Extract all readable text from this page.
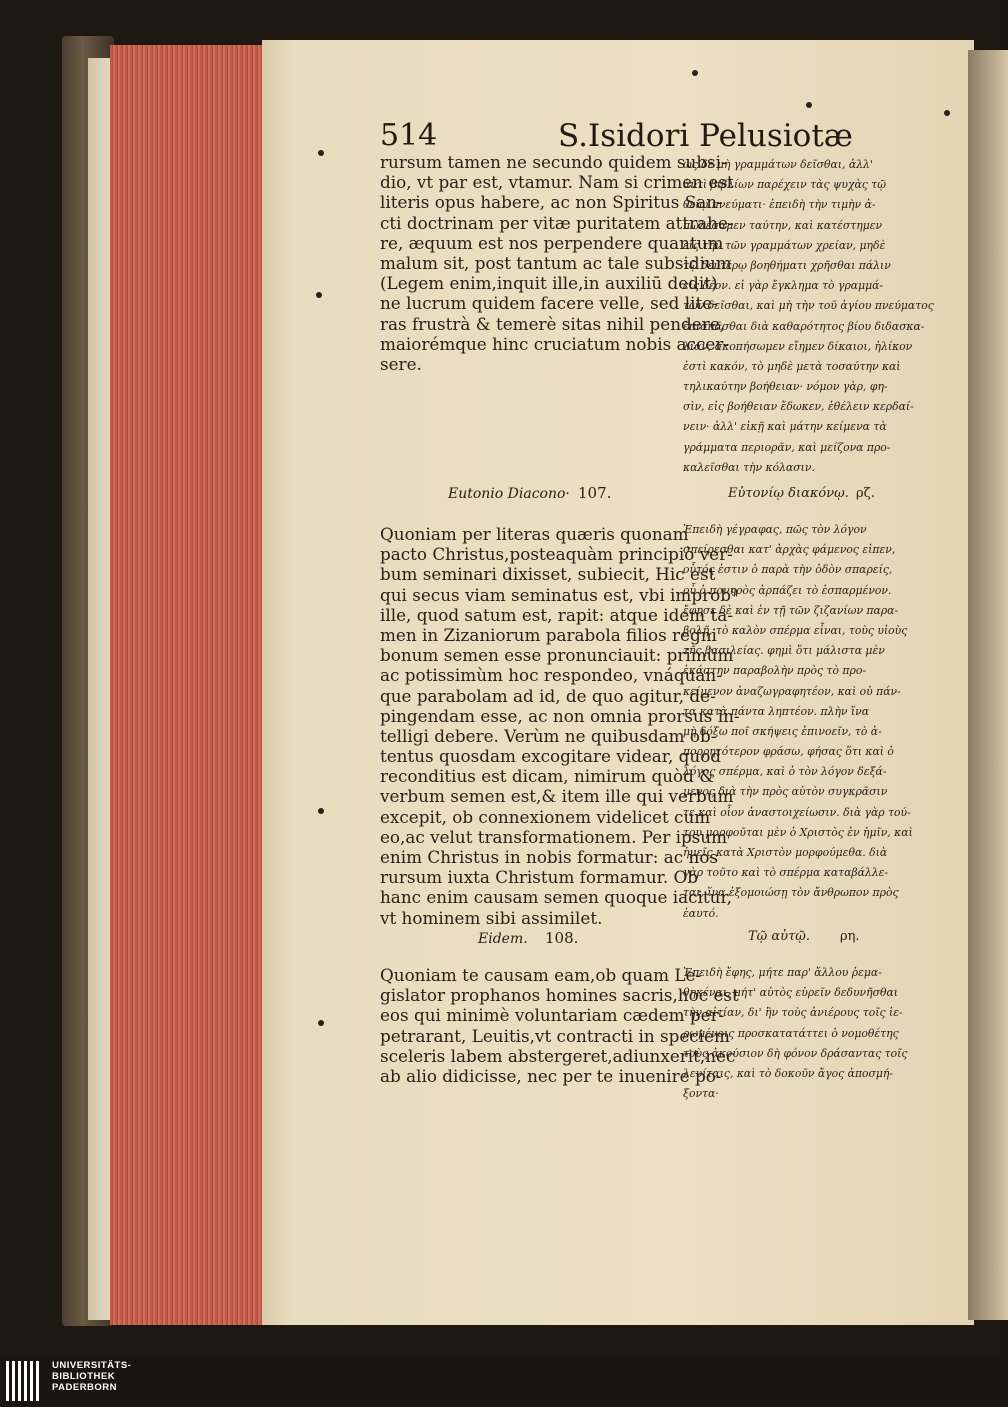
514	S.Isidori Pelusiotæ
rursum tamen ne secundo quidem subsi-
dio, vt par est, vtamur. Nam si crimen est
literis opus habere, ac non Spiritus San-
cti doctrinam per vitæ puritatem attrahe-
re, æquum est nos perpendere quantum
malum sit, post tantum ac tale subsidium
(Legem enim,inquit ille,in auxiliū dedit)
ne lucrum quidem facere velle, sed lite-
ras frustrà & temerè sitas nihil pendere,
maiorémque hinc cruciatum nobis accer-
sere.
Eutonio Diacono· 107.
Quoniam per literas quæris quonam
pacto Christus,posteaquàm principiò ver-
bum seminari dixisset, subiecit, Hic est
qui secus viam seminatus est, vbi improb⁹
ille, quod satum est, rapit: atque idem ta-
men in Zizaniorum parabola filios regni
bonum semen esse pronunciauit: primùm
ac potissimùm hoc respondeo, vnáquan-
que parabolam ad id, de quo agitur, de-
pingendam esse, ac non omnia prorsus in-
telligi debere. Verùm ne quibusdam ob-
tentus quosdam excogitare videar, quod
reconditius est dicam, nimirum quòd &
verbum semen est,& item ille qui verbum
excepit, ob connexionem videlicet cum
eo,ac velut transformationem. Per ipsum
enim Christus in nobis formatur: ac nos
rursum iuxta Christum formamur. Ob
hanc enim causam semen quoque iacitur,
vt hominem sibi assimilet.
Eidem. 108.
Quoniam te causam eam,ob quam Le-
gislator prophanos homines sacris,hoc est
eos qui minimè voluntariam cædem per-
petrarant, Leuitis,vt contracti in speciem
sceleris labem abstergeret,adiunxerit,nec
ab alio didicisse, nec per te inuenire po-
ὡς δὲ μὴ γραμμάτων δεῖσθαι, ἀλλ'
ἀντὶ βιβλίων παρέχειν τὰς ψυχὰς τῷ
θείῳ πνεύματι· ἐπειδὴ τὴν τιμὴν ἀ-
πωλέσαμεν ταύτην, καὶ κατέστημεν
εἰς τὴν τῶν γραμμάτων χρείαν, μηδὲ
τῷ δευτέρῳ βοηθήματι χρῆσθαι πάλιν
εἰς δέον. εἰ γὰρ ἔγκλημα τὸ γραμμά-
των δεῖσθαι, καὶ μὴ τὴν τοῦ ἁγίου πνεύματος
ἐπισπᾶσθαι διὰ καθαρότητος βίου διδασκα-
λίαν, σκοπήσωμεν εἴημεν δίκαιοι, ἡλίκον
ἐστὶ κακόν, τὸ μηδὲ μετὰ τοσαύτην καὶ
τηλικαύτην βοήθειαν· νόμον γὰρ, φη-
σὶν, εἰς βοήθειαν ἔδωκεν, ἐθέλειν κερδαί-
νειν· ἀλλ' εἰκῇ καὶ μάτην κείμενα τὰ
γράμματα περιορᾶν, καὶ μείζονα προ-
καλεῖσθαι τὴν κόλασιν.
Εὐτονίῳ διακόνῳ. ρζ.
Ἐπειδὴ γέγραφας, πῶς τὸν λόγον
σπείρεσθαι κατ' ἀρχὰς φάμενος εἰπεν,
οὗτός ἐστιν ὁ παρὰ τὴν ὁδὸν σπαρείς,
οὗ ὁ πονηρὸς ἁρπάζει τὸ ἐσπαρμένον.
ἔφησε δὲ καὶ ἐν τῇ τῶν ζιζανίων παρα-
βολῇ, τὸ καλὸν σπέρμα εἶναι, τοὺς υἱοὺς
τῆς βασιλείας. φημὶ ὅτι μάλιστα μὲν
ἑκάστην παραβολὴν πρὸς τὸ προ-
κείμενον ἀναζωγραφητέον, καὶ οὐ πάν-
τα κατὰ πάντα ληπτέον. πλὴν ἵνα
μὴ δόξω ποῖ σκήψεις ἐπινοεῖν, τὸ ἀ-
πορρητότερον φράσω, φήσας ὅτι καὶ ὁ
λόγος σπέρμα, καὶ ὁ τὸν λόγον δεξά-
μενος διὰ τὴν πρὸς αὐτὸν συγκρᾶσιν
τε καὶ οἷον ἀναστοιχείωσιν. διὰ γὰρ τού-
του μορφοῦται μὲν ὁ Χριστὸς ἐν ἡμῖν, καὶ
ἡμεῖς κατὰ Χριστὸν μορφούμεθα. διὰ
γὰρ τοῦτο καὶ τὸ σπέρμα καταβάλλε-
ται, ἵνα ἐξομοιώσῃ τὸν ἄνθρωπον πρὸς
ἑαυτό.
Τῷ αὐτῷ. ρη.
Ἐπειδὴ ἔφης, μήτε παρ' ἄλλου ῥεμα-
θηκέναι, μήτ' αὐτὸς εὑρεῖν δεδυνῆσθαι
τὴν αἰτίαν, δι' ἣν τοὺς ἀνιέρους τοῖς ἱε-
ρωμένοις προσκατατάττει ὁ νομοθέτης
τοὺς ἀκούσιον δὴ φόνον δράσαντας τοῖς
λευίταις, καὶ τὸ δοκοῦν ἄγος ἀποσμή-
ξοντα·
UNIVERSITÄTS-
BIBLIOTHEK
PADERBORN
